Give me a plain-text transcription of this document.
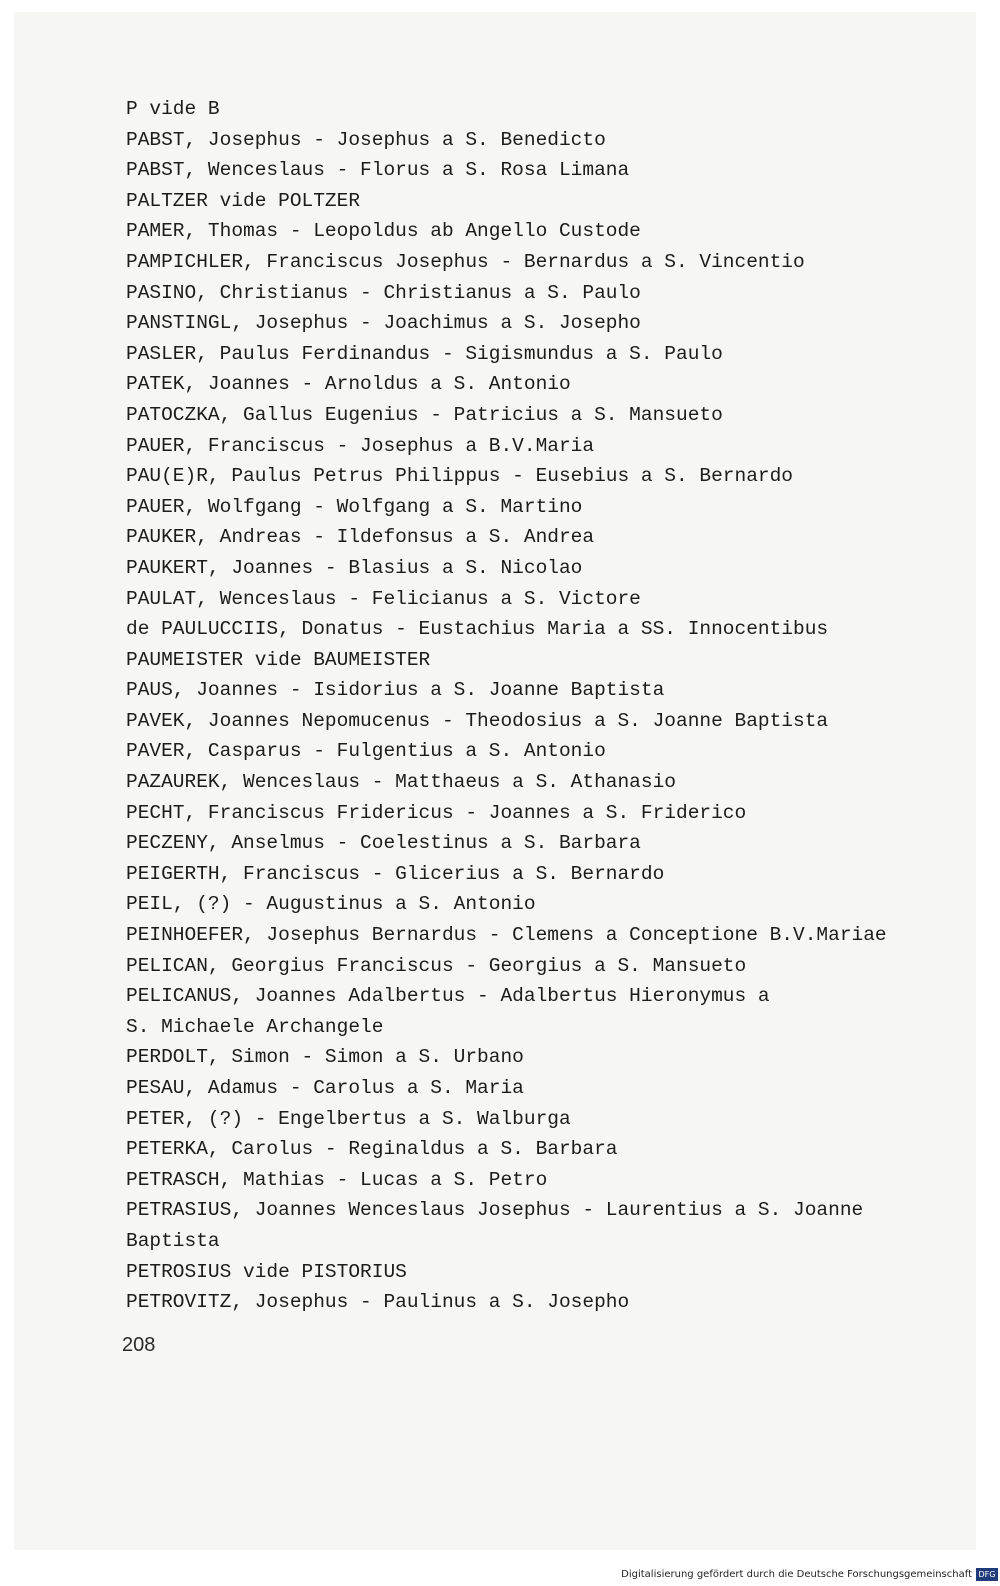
P vide B
PABST, Josephus - Josephus a S. Benedicto
PABST, Wenceslaus - Florus a S. Rosa Limana
PALTZER vide POLTZER
PAMER, Thomas - Leopoldus ab Angello Custode
PAMPICHLER, Franciscus Josephus - Bernardus a S. Vincentio
PASINO, Christianus - Christianus a S. Paulo
PANSTINGL, Josephus - Joachimus a S. Josepho
PASLER, Paulus Ferdinandus - Sigismundus a S. Paulo
PATEK, Joannes - Arnoldus a S. Antonio
PATOCZKA, Gallus Eugenius - Patricius a S. Mansueto
PAUER, Franciscus - Josephus a B.V.Maria
PAU(E)R, Paulus Petrus Philippus - Eusebius a S. Bernardo
PAUER, Wolfgang - Wolfgang a S. Martino
PAUKER, Andreas - Ildefonsus a S. Andrea
PAUKERT, Joannes - Blasius a S. Nicolao
PAULAT, Wenceslaus - Felicianus a S. Victore
de PAULUCCIIS, Donatus - Eustachius Maria a SS. Innocentibus
PAUMEISTER vide BAUMEISTER
PAUS, Joannes - Isidorius a S. Joanne Baptista
PAVEK, Joannes Nepomucenus - Theodosius a S. Joanne Baptista
PAVER, Casparus - Fulgentius a S. Antonio
PAZAUREK, Wenceslaus - Matthaeus a S. Athanasio
PECHT, Franciscus Fridericus - Joannes a S. Friderico
PECZENY, Anselmus - Coelestinus a S. Barbara
PEIGERTH, Franciscus - Glicerius a S. Bernardo
PEIL, (?) - Augustinus a S. Antonio
PEINHOEFER, Josephus Bernardus - Clemens a Conceptione B.V.Mariae
PELICAN, Georgius Franciscus - Georgius a S. Mansueto
PELICANUS, Joannes Adalbertus - Adalbertus Hieronymus a
S. Michaele Archangele
PERDOLT, Simon - Simon a S. Urbano
PESAU, Adamus - Carolus a S. Maria
PETER, (?) - Engelbertus a S. Walburga
PETERKA, Carolus - Reginaldus a S. Barbara
PETRASCH, Mathias - Lucas a S. Petro
PETRASIUS, Joannes Wenceslaus Josephus - Laurentius a S. Joanne
Baptista
PETROSIUS vide PISTORIUS
PETROVITZ, Josephus - Paulinus a S. Josepho
208
Digitalisierung gefördert durch die Deutsche Forschungsgemeinschaft DFG
